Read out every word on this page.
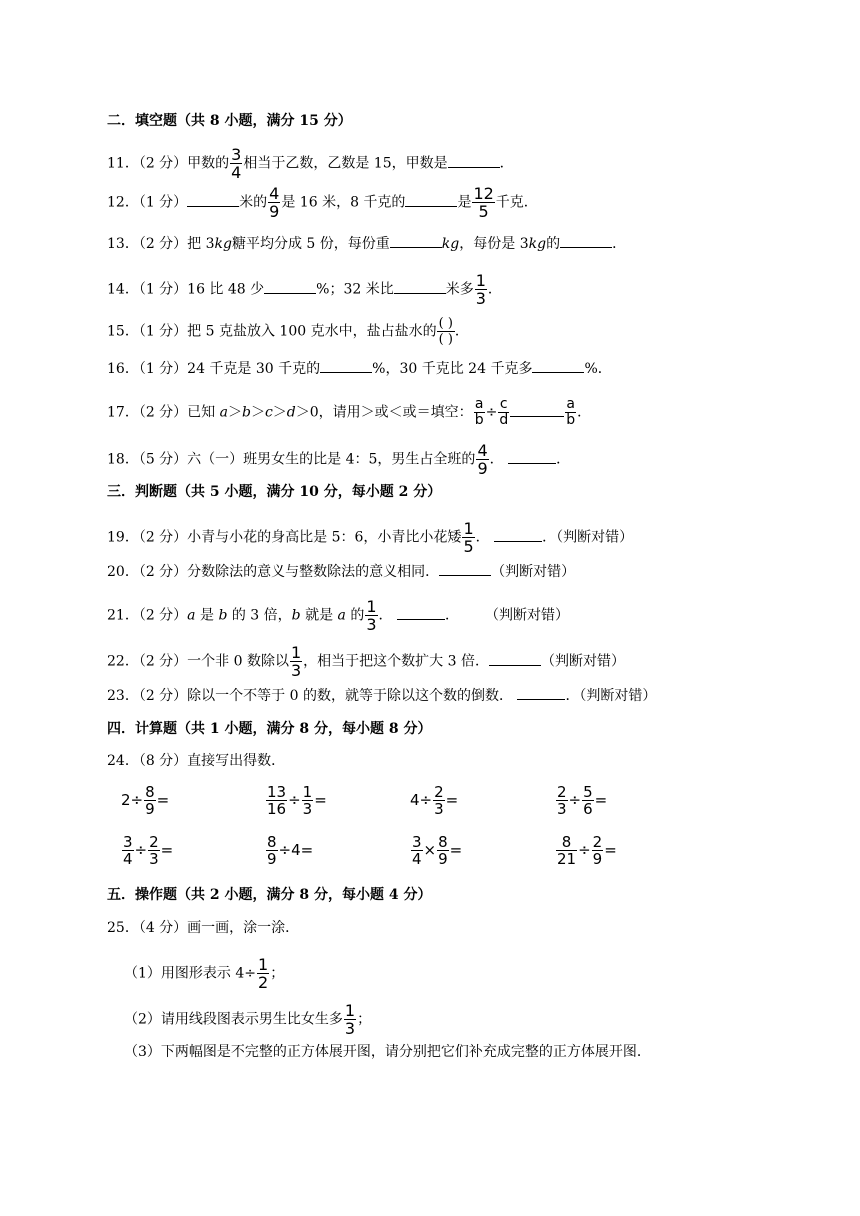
二．填空题（共 8 小题，满分 15 分）
11．（2 分）甲数的 $\frac{3}{4}$ 相当于乙数，乙数是 15，甲数是	．
12．（1 分）	米的 $\frac{4}{9}$ 是 16 米，8 千克的	是 $\frac{12}{5}$ 千克．
13．（2 分）把 3kg糖平均分成 5 份，每份重	kg，每份是 3kg的	．
14．（1 分）16 比 48 少	%；32 米比	米多 $\frac{1}{3}$ ．
15．（1 分）把 5 克盐放入 100 克水中，盐占盐水的 ( )
( ) ．
16．（1 分）24 千克是 30 千克的	%，30 千克比 24 千克多	%．
17．（2 分）已知 a＞b＞c＞d＞0，请用＞或＜或＝填空： $\frac{a}{b} \div \frac{c}{d}$	$\frac{a}{b}$ ．
18．（5 分）六（一）班男女生的比是 4：5，男生占全班的 $\frac{4}{9}$ ．	．
三．判断题（共 5 小题，满分 10 分，每小题 2 分）
19．（2 分）小青与小花的身高比是 5：6，小青比小花矮 $\frac{1}{5}$ ．	．（判断对错）
20．（2 分）分数除法的意义与整数除法的意义相同．	（判断对错）
21．（2 分）a 是 b 的 3 倍，b 就是 a 的 $\frac{1}{3}$ ．	． （判断对错）
22．（2 分）一个非 0 数除以 $\frac{1}{3}$ ，相当于把这个数扩大 3 倍．	（判断对错）
23．（2 分）除以一个不等于 0 的数，就等于除以这个数的倒数．	．（判断对错）
四．计算题（共 1 小题，满分 8 分，每小题 8 分）
24．（8 分）直接写出得数．
$2\div \frac{8}{9}$ =	$\frac{13}{16} \div \frac{1}{3}$ =	$4\div \frac{2}{3}$ =	$\frac{2}{3} \div \frac{5}{6}$ =
$\frac{3}{4} \div \frac{2}{3}$ =	$\frac{8}{9} \div 4=$	$\frac{3}{4} \times \frac{8}{9}$ =	$\frac{8}{21} \div \frac{2}{9}$ =
五．操作题（共 2 小题，满分 8 分，每小题 4 分）
25．（4 分）画一画，涂一涂．
（1）用图形表示 $4\div \frac{1}{2}$ ；
（2）请用线段图表示男生比女生多 $\frac{1}{3}$ ；
（3）下两幅图是不完整的正方体展开图，请分别把它们补充成完整的正方体展开图．
